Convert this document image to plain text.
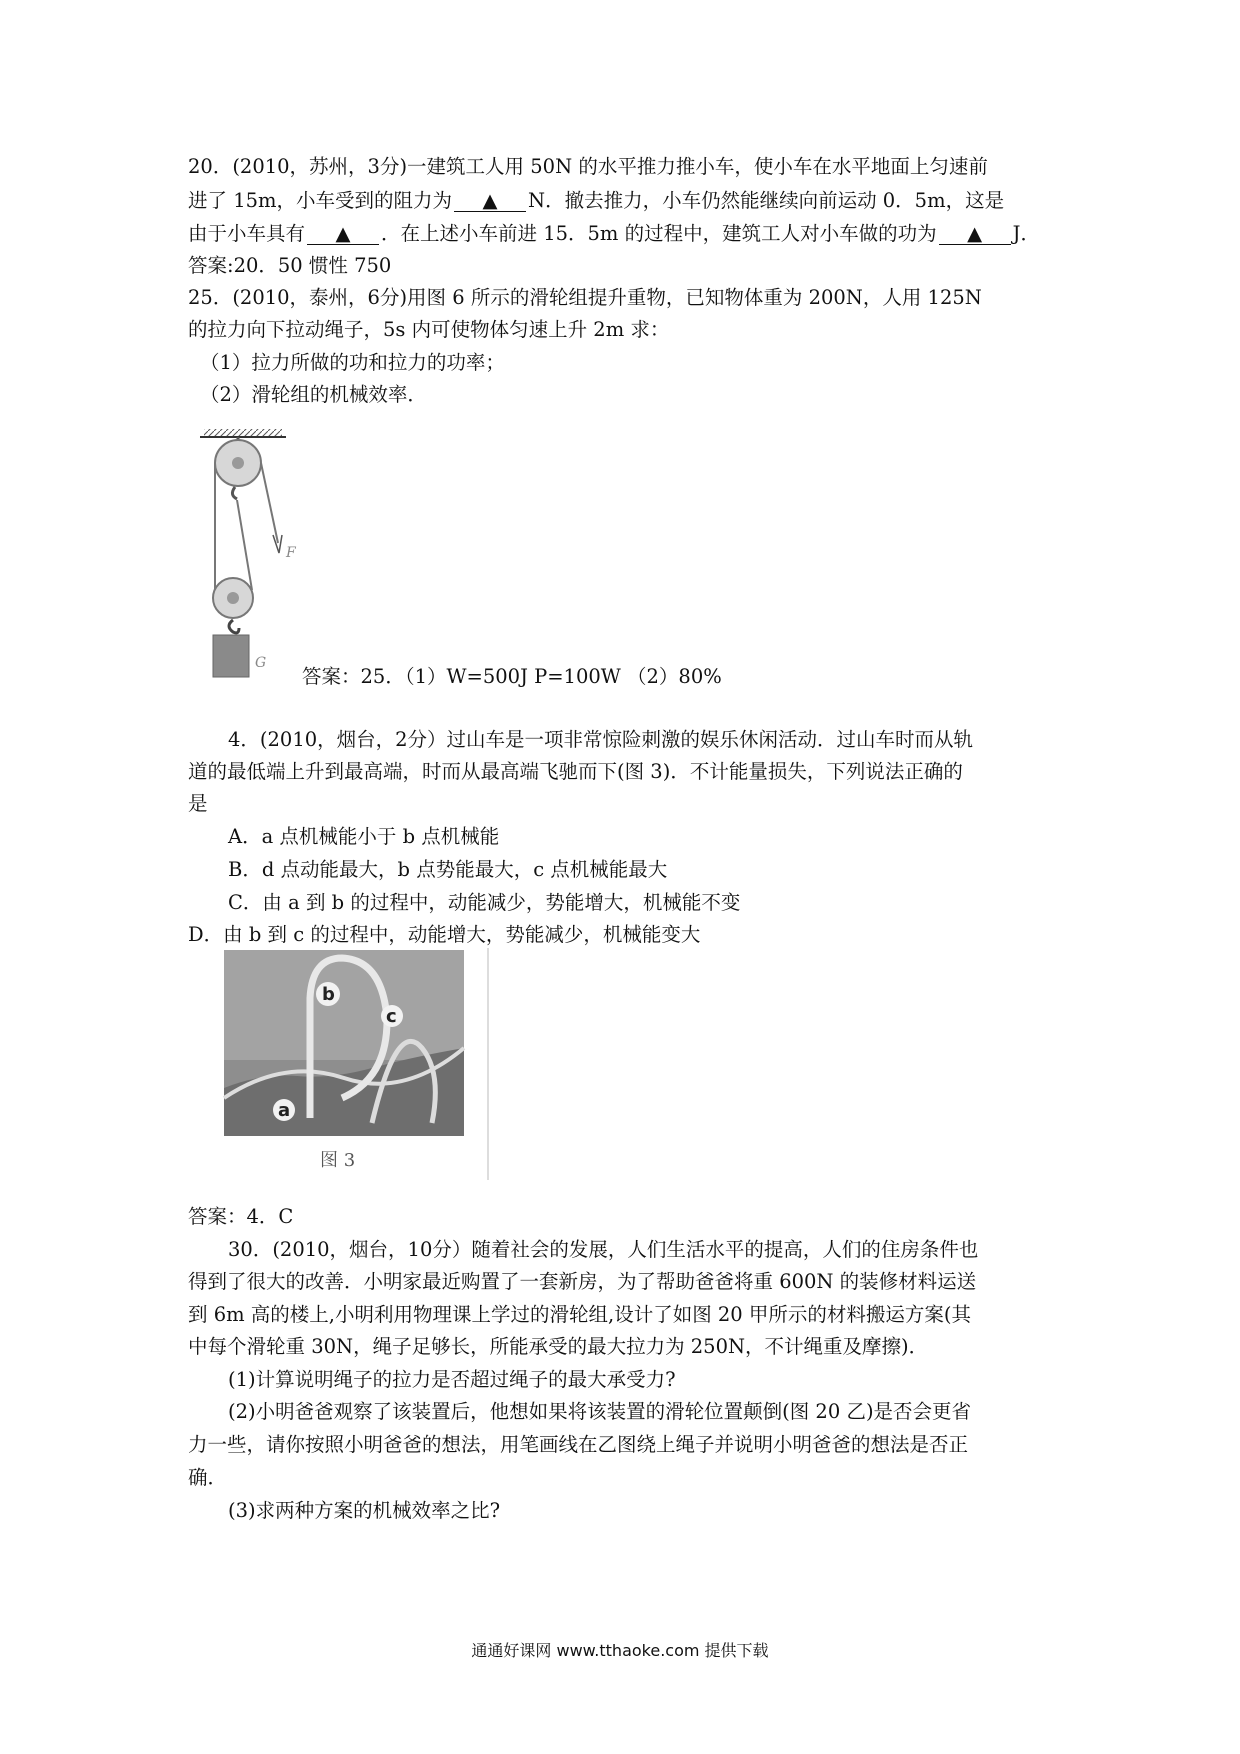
20．(2010，苏州，3分)一建筑工人用 50N 的水平推力推小车，使小车在水平地面上匀速前
进了 15m，小车受到的阻力为 ▲ N．撤去推力，小车仍然能继续向前运动 0．5m，这是
由于小车具有 ▲ ．在上述小车前进 15．5m 的过程中，建筑工人对小车做的功为 ▲ J．
答案:20．50 惯性 750
25．(2010，泰州，6分)用图 6 所示的滑轮组提升重物，已知物体重为 200N，人用 125N
的拉力向下拉动绳子，5s 内可使物体匀速上升 2m 求：
（1）拉力所做的功和拉力的功率；
（2）滑轮组的机械效率．
F
G
答案：25．（1）W=500J P=100W （2）80%
4．(2010，烟台，2分）过山车是一项非常惊险刺激的娱乐休闲活动．过山车时而从轨
道的最低端上升到最高端，时而从最高端飞驰而下(图 3)．不计能量损失，下列说法正确的
是
A．a 点机械能小于 b 点机械能
B．d 点动能最大，b 点势能最大，c 点机械能最大
C．由 a 到 b 的过程中，动能减少，势能增大，机械能不变
D．由 b 到 c 的过程中，动能增大，势能减少，机械能变大
b
c
a
图 3
答案：4．C
30．(2010，烟台，10分）随着社会的发展，人们生活水平的提高，人们的住房条件也
得到了很大的改善．小明家最近购置了一套新房，为了帮助爸爸将重 600N 的装修材料运送
到 6m 高的楼上,小明利用物理课上学过的滑轮组,设计了如图 20 甲所示的材料搬运方案(其
中每个滑轮重 30N，绳子足够长，所能承受的最大拉力为 250N，不计绳重及摩擦)．
(1)计算说明绳子的拉力是否超过绳子的最大承受力?
(2)小明爸爸观察了该装置后，他想如果将该装置的滑轮位置颠倒(图 20 乙)是否会更省
力一些，请你按照小明爸爸的想法，用笔画线在乙图绕上绳子并说明小明爸爸的想法是否正
确．
(3)求两种方案的机械效率之比?
通通好课网 www.tthaoke.com 提供下载
